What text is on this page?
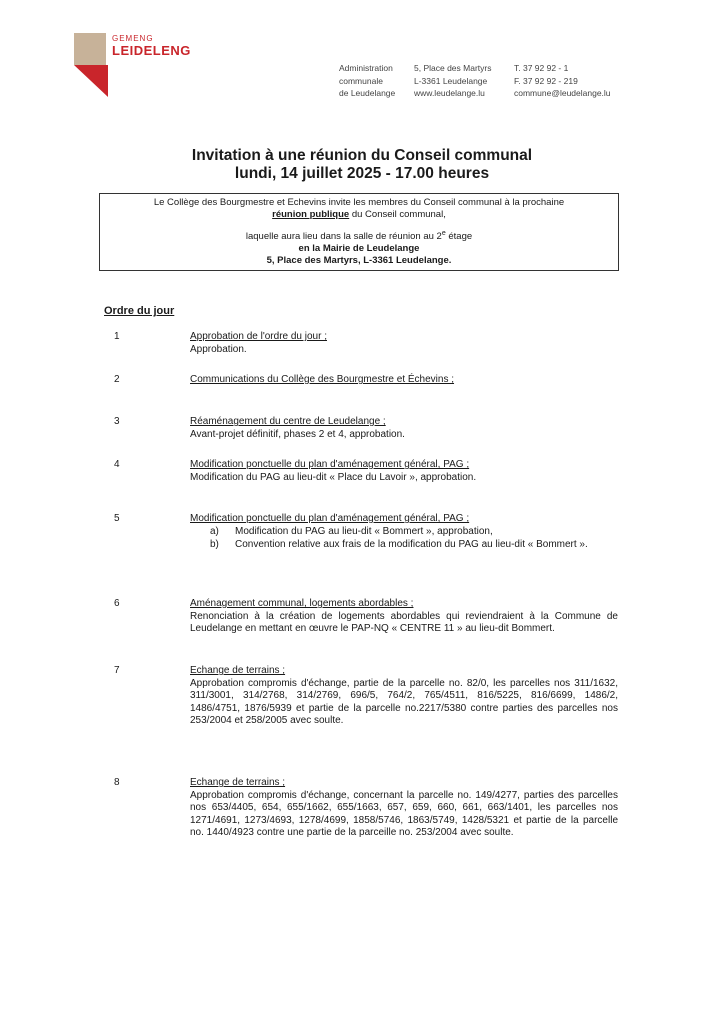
GEMENG
LEIDELENG
Administration
communale
de Leudelange
5, Place des Martyrs
L-3361 Leudelange
www.leudelange.lu
T. 37 92 92 - 1
F. 37 92 92 - 219
commune@leudelange.lu
Invitation à une réunion du Conseil communal
lundi, 14 juillet 2025 - 17.00 heures
Le Collège des Bourgmestre et Echevins invite les membres du Conseil communal à la prochaine
réunion publique du Conseil communal,
laquelle aura lieu dans la salle de réunion au 2e étage
en la Mairie de Leudelange
5, Place des Martyrs, L-3361 Leudelange.
Ordre du jour
1	Approbation de l'ordre du jour ;
Approbation.
2	Communications du Collège des Bourgmestre et Échevins ;
3	Réaménagement du centre de Leudelange ;
Avant-projet définitif, phases 2 et 4, approbation.
4	Modification ponctuelle du plan d'aménagement général, PAG ;
Modification du PAG au lieu-dit « Place du Lavoir », approbation.
5	Modification ponctuelle du plan d'aménagement général, PAG ;
a) Modification du PAG au lieu-dit « Bommert », approbation,
b) Convention relative aux frais de la modification du PAG au lieu-dit « Bommert ».
6	Aménagement communal, logements abordables ;
Renonciation à la création de logements abordables qui reviendraient à la Commune de Leudelange en mettant en œuvre le PAP-NQ « CENTRE 11 » au lieu-dit Bommert.
7	Echange de terrains ;
Approbation compromis d'échange, partie de la parcelle no. 82/0, les parcelles nos 311/1632, 311/3001, 314/2768, 314/2769, 696/5, 764/2, 765/4511, 816/5225, 816/6699, 1486/2, 1486/4751, 1876/5939 et partie de la parcelle no.2217/5380 contre parties des parcelles nos 253/2004 et 258/2005 avec soulte.
8	Echange de terrains ;
Approbation compromis d'échange, concernant la parcelle no. 149/4277, parties des parcelles nos 653/4405, 654, 655/1662, 655/1663, 657, 659, 660, 661, 663/1401, les parcelles nos 1271/4691, 1273/4693, 1278/4699, 1858/5746, 1863/5749, 1428/5321 et partie de la parcelle no. 1440/4923 contre une partie de la parceille no. 253/2004 avec soulte.
